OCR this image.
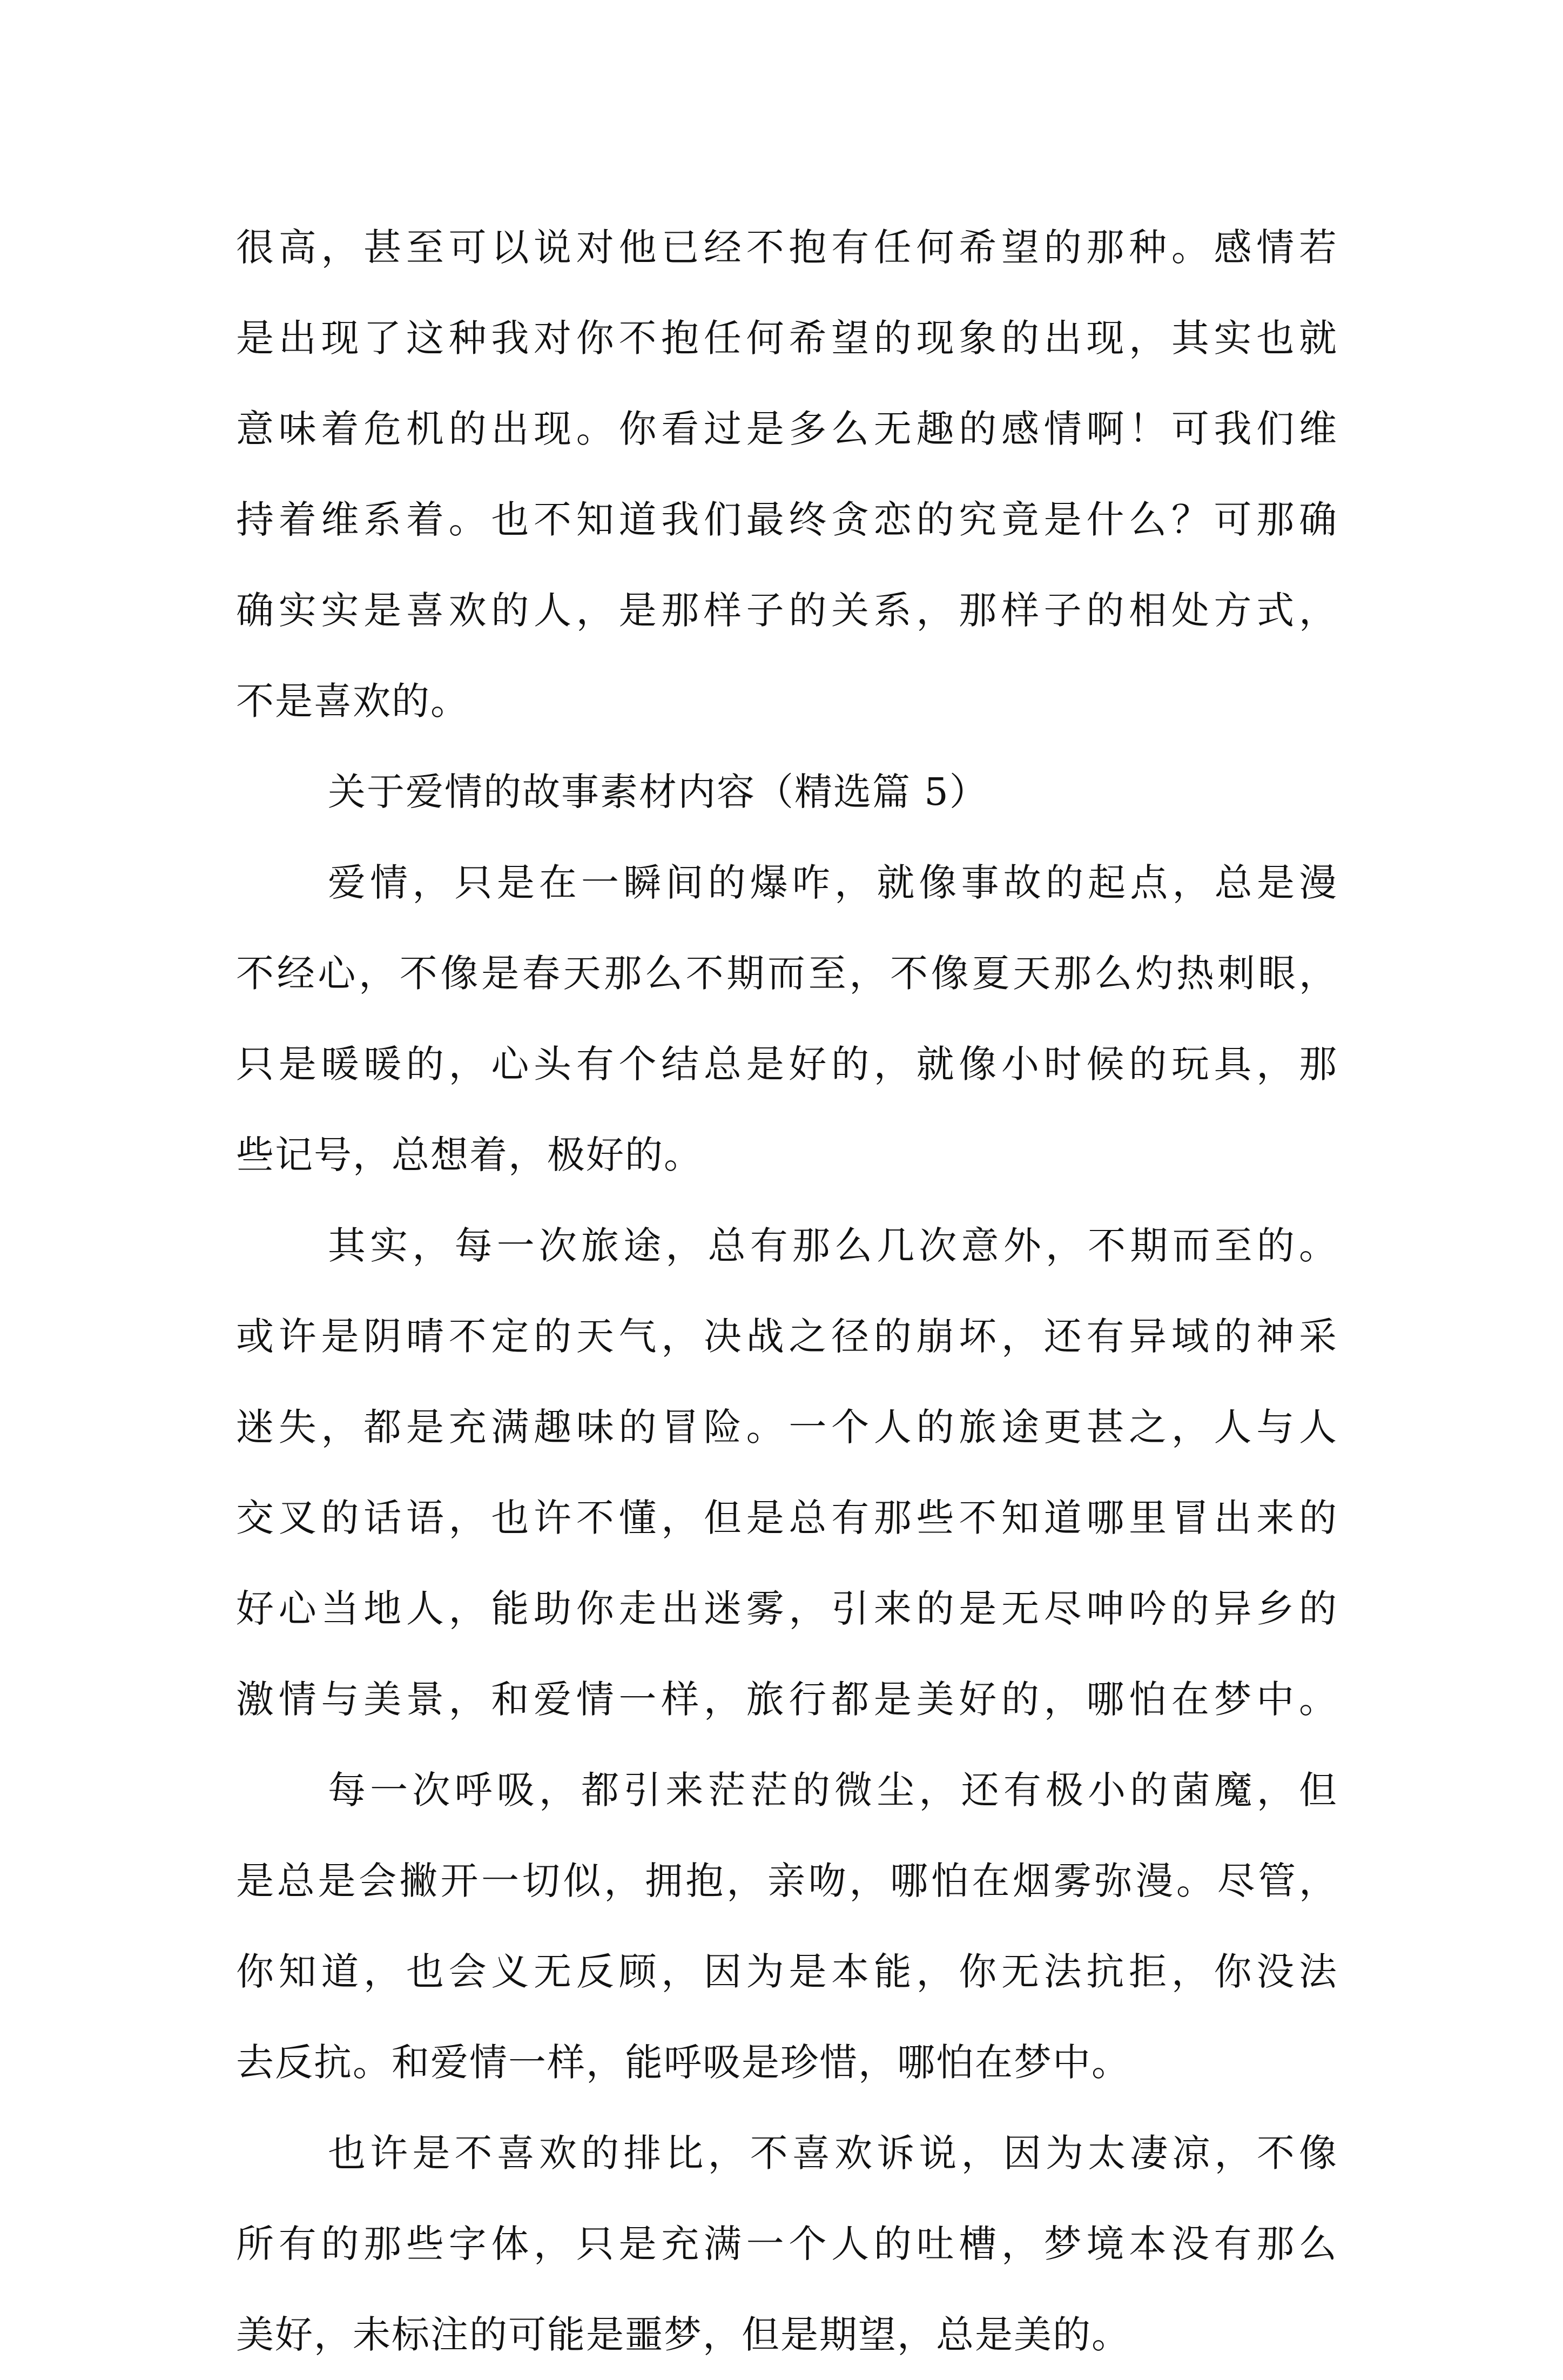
很高，甚至可以说对他已经不抱有任何希望的那种。感情若
是出现了这种我对你不抱任何希望的现象的出现，其实也就
意味着危机的出现。你看过是多么无趣的感情啊！可我们维
持着维系着。也不知道我们最终贪恋的究竟是什么？可那确
确实实是喜欢的人，是那样子的关系，那样子的相处方式，
不是喜欢的。
关于爱情的故事素材内容（精选篇 5）
爱情，只是在一瞬间的爆咋，就像事故的起点，总是漫
不经心，不像是春天那么不期而至，不像夏天那么灼热刺眼，
只是暖暖的，心头有个结总是好的，就像小时候的玩具，那
些记号，总想着，极好的。
其实，每一次旅途，总有那么几次意外，不期而至的。
或许是阴晴不定的天气，决战之径的崩坏，还有异域的神采
迷失，都是充满趣味的冒险。一个人的旅途更甚之，人与人
交叉的话语，也许不懂，但是总有那些不知道哪里冒出来的
好心当地人，能助你走出迷雾，引来的是无尽呻吟的异乡的
激情与美景，和爱情一样，旅行都是美好的，哪怕在梦中。
每一次呼吸，都引来茫茫的微尘，还有极小的菌魔，但
是总是会撇开一切似，拥抱，亲吻，哪怕在烟雾弥漫。尽管，
你知道，也会义无反顾，因为是本能，你无法抗拒，你没法
去反抗。和爱情一样，能呼吸是珍惜，哪怕在梦中。
也许是不喜欢的排比，不喜欢诉说，因为太凄凉，不像
所有的那些字体，只是充满一个人的吐槽，梦境本没有那么
美好，未标注的可能是噩梦，但是期望，总是美的。
